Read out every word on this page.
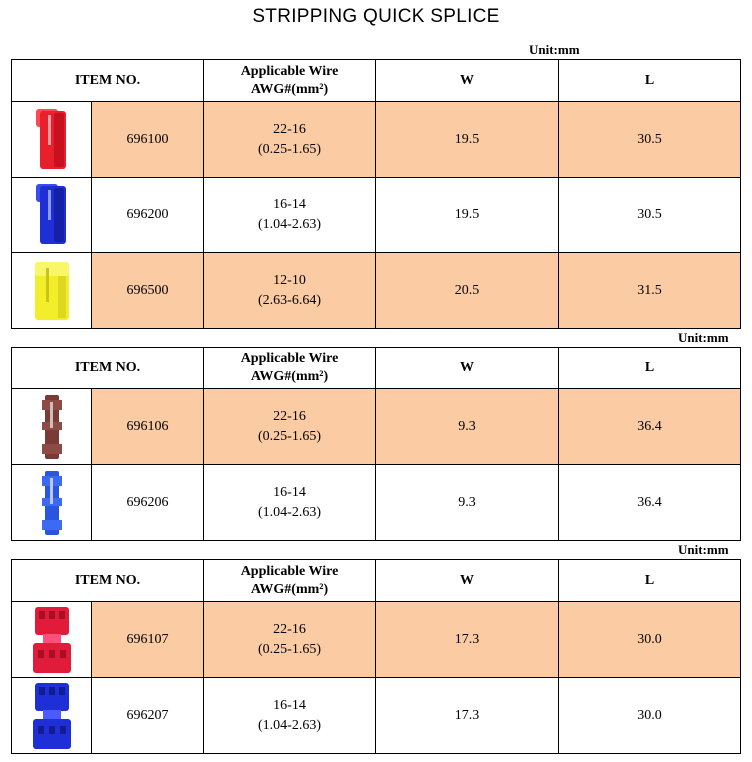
STRIPPING QUICK SPLICE
Unit:mm
ITEM NO.		Applicable Wire
AWG#(mm²)	W	L

	696100	22-16
(0.25-1.65)	19.5	30.5

	696200	16-14
(1.04-2.63)	19.5	30.5

	696500	12-10
(2.63-6.64)	20.5	31.5
Unit:mm
ITEM NO.		Applicable Wire
AWG#(mm²)	W	L

	696106	22-16
(0.25-1.65)	9.3	36.4

	696206	16-14
(1.04-2.63)	9.3	36.4
Unit:mm
ITEM NO.		Applicable Wire
AWG#(mm²)	W	L

	696107	22-16
(0.25-1.65)	17.3	30.0

	696207	16-14
(1.04-2.63)	17.3	30.0
